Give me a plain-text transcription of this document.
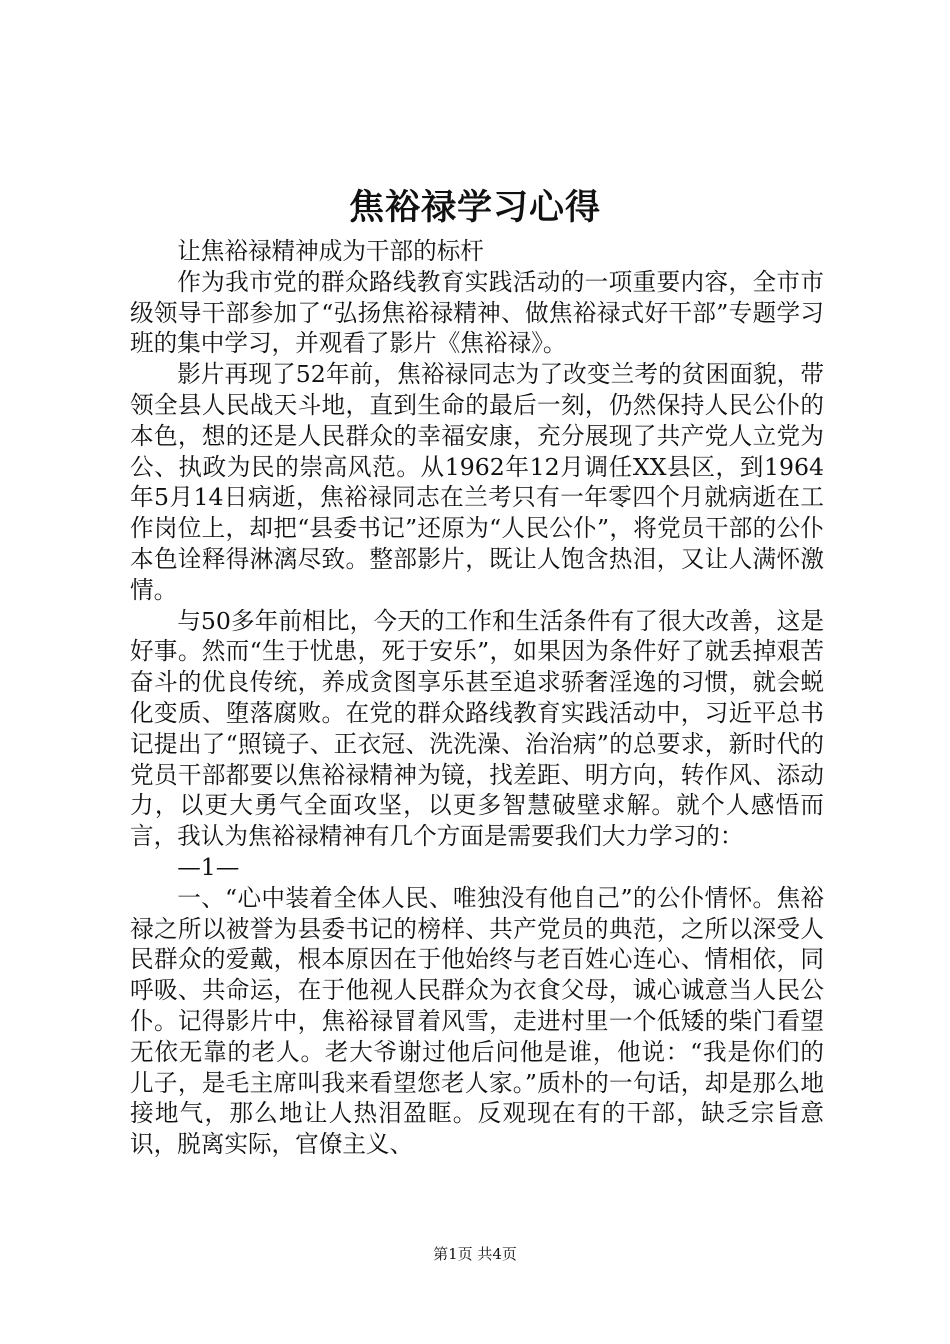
焦裕禄学习心得

让焦裕禄精神成为干部的标杆

作为我市党的群众路线教育实践活动的一项重要内容，全市市级领导干部参加了“弘扬焦裕禄精神、做焦裕禄式好干部”专题学习班的集中学习，并观看了影片《焦裕禄》。

影片再现了52年前，焦裕禄同志为了改变兰考的贫困面貌，带领全县人民战天斗地，直到生命的最后一刻，仍然保持人民公仆的本色，想的还是人民群众的幸福安康，充分展现了共产党人立党为公、执政为民的崇高风范。从1962年12月调任XX县区，到1964年5月14日病逝，焦裕禄同志在兰考只有一年零四个月就病逝在工作岗位上，却把“县委书记”还原为“人民公仆”，将党员干部的公仆本色诠释得淋漓尽致。整部影片，既让人饱含热泪，又让人满怀激情。

与50多年前相比，今天的工作和生活条件有了很大改善，这是好事。然而“生于忧患，死于安乐”，如果因为条件好了就丢掉艰苦奋斗的优良传统，养成贪图享乐甚至追求骄奢淫逸的习惯，就会蜕化变质、堕落腐败。在党的群众路线教育实践活动中，习近平总书记提出了“照镜子、正衣冠、洗洗澡、治治病”的总要求，新时代的党员干部都要以焦裕禄精神为镜，找差距、明方向，转作风、添动力，以更大勇气全面攻坚，以更多智慧破壁求解。就个人感悟而言，我认为焦裕禄精神有几个方面是需要我们大力学习的：

—1—

一、“心中装着全体人民、唯独没有他自己”的公仆情怀。焦裕禄之所以被誉为县委书记的榜样、共产党员的典范，之所以深受人民群众的爱戴，根本原因在于他始终与老百姓心连心、情相依，同呼吸、共命运，在于他视人民群众为衣食父母，诚心诚意当人民公仆。记得影片中，焦裕禄冒着风雪，走进村里一个低矮的柴门看望无依无靠的老人。老大爷谢过他后问他是谁，他说：“我是你们的儿子，是毛主席叫我来看望您老人家。”质朴的一句话，却是那么地接地气，那么地让人热泪盈眶。反观现在有的干部，缺乏宗旨意识，脱离实际，官僚主义、

第1页 共4页
